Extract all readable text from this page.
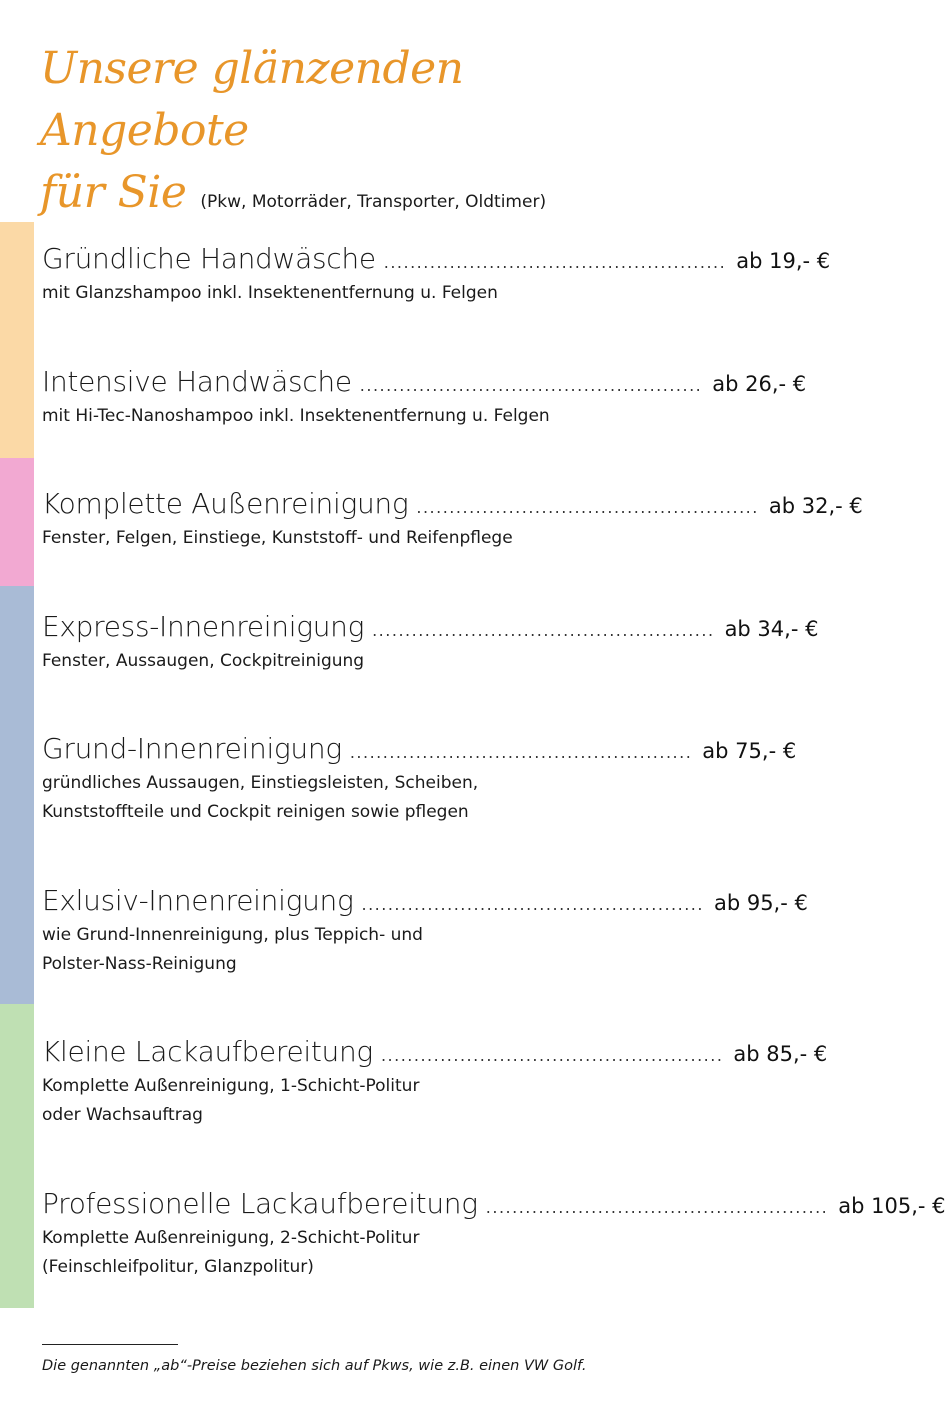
Unsere glänzenden Angebote
für Sie (Pkw, Motorräder, Transporter, Oldtimer)
Gründliche Handwäsche .................................................... ab 19,- €
mit Glanzshampoo inkl. Insektenentfernung u. Felgen
Intensive Handwäsche .................................................... ab 26,- €
mit Hi-Tec-Nanoshampoo inkl. Insektenentfernung u. Felgen
Komplette Außenreinigung .................................................... ab 32,- €
Fenster, Felgen, Einstiege, Kunststoff- und Reifenpflege
Express-Innenreinigung .................................................... ab 34,- €
Fenster, Aussaugen, Cockpitreinigung
Grund-Innenreinigung .................................................... ab 75,- €
gründliches Aussaugen, Einstiegsleisten, Scheiben,
Kunststoffteile und Cockpit reinigen sowie pflegen
Exlusiv-Innenreinigung .................................................... ab 95,- €
wie Grund-Innenreinigung, plus Teppich- und
Polster-Nass-Reinigung
Kleine Lackaufbereitung .................................................... ab 85,- €
Komplette Außenreinigung, 1-Schicht-Politur
oder Wachsauftrag
Professionelle Lackaufbereitung .................................................... ab 105,- €
Komplette Außenreinigung, 2-Schicht-Politur
(Feinschleifpolitur, Glanzpolitur)
Die genannten „ab“-Preise beziehen sich auf Pkws, wie z.B. einen VW Golf.
